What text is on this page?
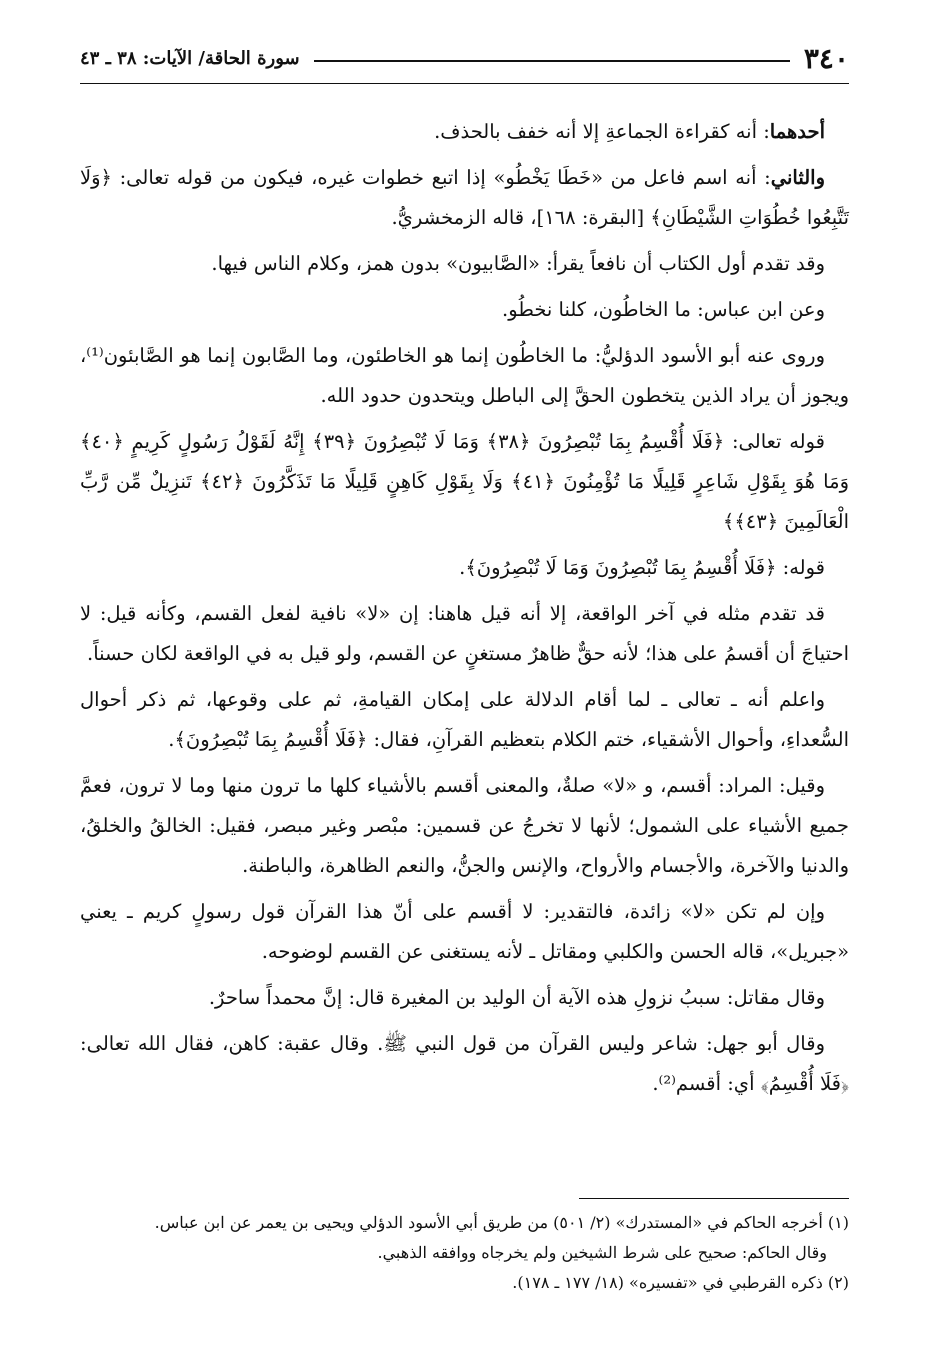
٣٤٠
سورة الحاقة/ الآيات: ٣٨ ـ ٤٣

أحدهما: أنه كقراءة الجماعةِ إلا أنه خفف بالحذف.

والثاني: أنه اسم فاعل من «خَطَا يَخْطُو» إذا اتبع خطوات غيره، فيكون من قوله تعالى: ﴿وَلَا تَتَّبِعُوا خُطُوَاتِ الشَّيْطَانِ﴾ [البقرة: ١٦٨]، قاله الزمخشريُّ.

وقد تقدم أول الكتاب أن نافعاً يقرأ: «الصَّابيون» بدون همز، وكلام الناس فيها.

وعن ابن عباس: ما الخاطُون، كلنا نخطُو.

وروى عنه أبو الأسود الدؤليُّ: ما الخاطُون إنما هو الخاطئون، وما الصَّابون إنما هو الصَّابئون⁽¹⁾، ويجوز أن يراد الذين يتخطون الحقَّ إلى الباطل ويتحدون حدود الله.

قوله تعالى: ﴿فَلَا أُقْسِمُ بِمَا تُبْصِرُونَ ﴿٣٨﴾ وَمَا لَا تُبْصِرُونَ ﴿٣٩﴾ إِنَّهُ لَقَوْلُ رَسُولٍ كَرِيمٍ ﴿٤٠﴾ وَمَا هُوَ بِقَوْلِ شَاعِرٍ قَلِيلًا مَا تُؤْمِنُونَ ﴿٤١﴾ وَلَا بِقَوْلِ كَاهِنٍ قَلِيلًا مَا تَذَكَّرُونَ ﴿٤٢﴾ تَنزِيلٌ مِّن رَّبِّ الْعَالَمِينَ ﴿٤٣﴾﴾

قوله: ﴿فَلَا أُقْسِمُ بِمَا تُبْصِرُونَ وَمَا لَا تُبْصِرُونَ﴾.

قد تقدم مثله في آخر الواقعة، إلا أنه قيل هاهنا: إن «لا» نافية لفعل القسم، وكأنه قيل: لا احتياجَ أن أقسمُ على هذا؛ لأنه حقٌّ ظاهرٌ مستغنٍ عن القسم، ولو قيل به في الواقعة لكان حسناً.

واعلم أنه ـ تعالى ـ لما أقام الدلالة على إمكان القيامةِ، ثم على وقوعها، ثم ذكر أحوال السُّعداءِ، وأحوال الأشقياء، ختم الكلام بتعظيم القرآنِ، فقال: ﴿فَلَا أُقْسِمُ بِمَا تُبْصِرُونَ﴾.

وقيل: المراد: أقسم، و «لا» صلةٌ، والمعنى أقسم بالأشياء كلها ما ترون منها وما لا ترون، فعمَّ جميع الأشياء على الشمول؛ لأنها لا تخرجُ عن قسمين: مبْصر وغير مبصر، فقيل: الخالقُ والخلقُ، والدنيا والآخرة، والأجسام والأرواح، والإنس والجنُّ، والنعم الظاهرة، والباطنة.

وإن لم تكن «لا» زائدة، فالتقدير: لا أقسم على أنّ هذا القرآن قول رسولٍ كريم ـ يعني «جبريل»، قاله الحسن والكلبي ومقاتل ـ لأنه يستغنى عن القسم لوضوحه.

وقال مقاتل: سببُ نزولِ هذه الآية أن الوليد بن المغيرة قال: إنَّ محمداً ساحرٌ.

وقال أبو جهل: شاعر وليس القرآن من قول النبي ﷺ. وقال عقبة: كاهن، فقال الله تعالى: ﴿فَلَا أُقْسِمُ﴾ أي: أقسم⁽²⁾.

(١) أخرجه الحاكم في «المستدرك» (٢/ ٥٠١) من طريق أبي الأسود الدؤلي ويحيى بن يعمر عن ابن عباس.

وقال الحاكم: صحيح على شرط الشيخين ولم يخرجاه ووافقه الذهبي.

(٢) ذكره القرطبي في «تفسيره» (١٨/ ١٧٧ ـ ١٧٨).
